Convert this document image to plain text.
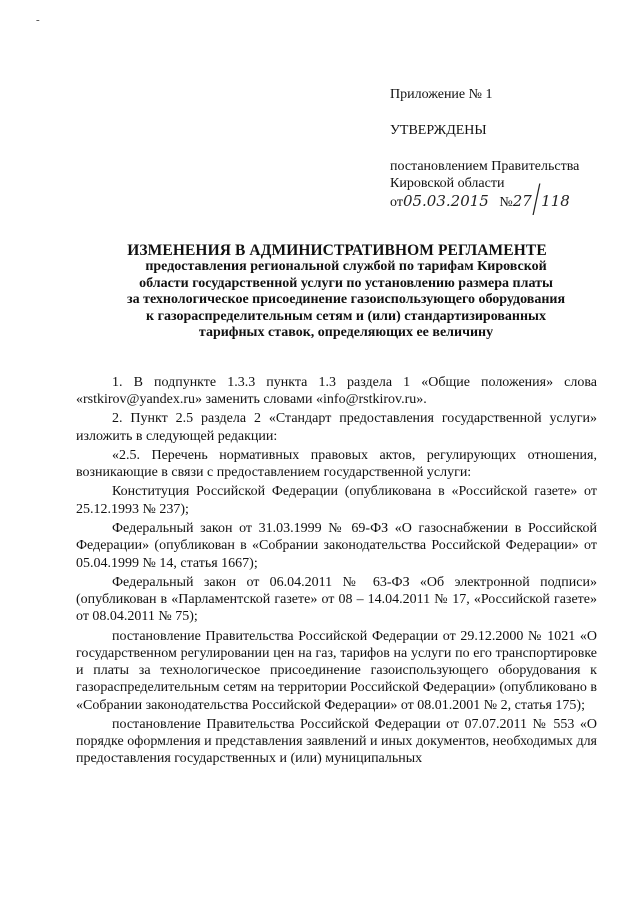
-
Приложение № 1
УТВЕРЖДЕНЫ
постановлением Правительства
Кировской области
от05.03.2015 №27 / 118
ИЗМЕНЕНИЯ В АДМИНИСТРАТИВНОМ РЕГЛАМЕНТЕ
предоставления региональной службой по тарифам Кировской
области государственной услуги по установлению размера платы
за технологическое присоединение газоиспользующего оборудования
к газораспределительным сетям и (или) стандартизированных
тарифных ставок, определяющих ее величину

1. В подпункте 1.3.3 пункта 1.3 раздела 1 «Общие положения» слова «rstkirov@yandex.ru» заменить словами «info@rstkirov.ru».

2. Пункт 2.5 раздела 2 «Стандарт предоставления государственной услуги» изложить в следующей редакции:

«2.5. Перечень нормативных правовых актов, регулирующих отношения, возникающие в связи с предоставлением государственной услуги:

Конституция Российской Федерации (опубликована в «Российской газете» от 25.12.1993 № 237);

Федеральный закон от 31.03.1999 № 69-ФЗ «О газоснабжении в Российской Федерации» (опубликован в «Собрании законодательства Российской Федерации» от 05.04.1999 № 14, статья 1667);

Федеральный закон от 06.04.2011 № 63-ФЗ «Об электронной подписи» (опубликован в «Парламентской газете» от 08 – 14.04.2011 № 17, «Российской газете» от 08.04.2011 № 75);

постановление Правительства Российской Федерации от 29.12.2000 № 1021 «О государственном регулировании цен на газ, тарифов на услуги по его транспортировке и платы за технологическое присоединение газоиспользующего оборудования к газораспределительным сетям на территории Российской Федерации» (опубликовано в «Собрании законодательства Российской Федерации» от 08.01.2001 № 2, статья 175);

постановление Правительства Российской Федерации от 07.07.2011 № 553 «О порядке оформления и представления заявлений и иных документов, необходимых для предоставления государственных и (или) муниципальных
